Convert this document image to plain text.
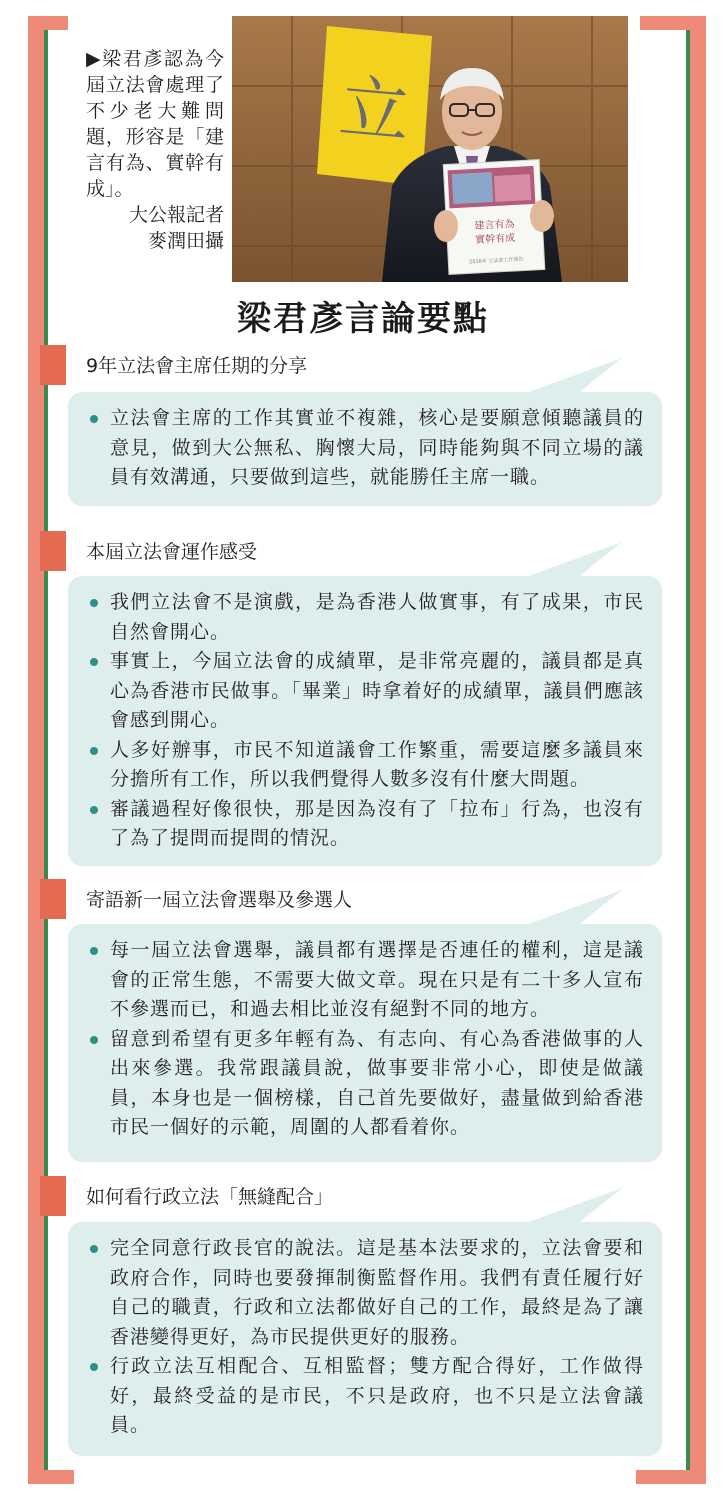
▶梁君彥認為今屆立法會處理了不少老大難問題，形容是「建言有為、實幹有成」。
大公報記者
麥潤田攝
立
建言有為
實幹有成
2016年 立法會工作報告
梁君彥言論要點
9年立法會主席任期的分享
立法會主席的工作其實並不複雜，核心是要願意傾聽議員的意見，做到大公無私、胸懷大局，同時能夠與不同立場的議員有效溝通，只要做到這些，就能勝任主席一職。
本屆立法會運作感受
我們立法會不是演戲，是為香港人做實事，有了成果，市民自然會開心。
事實上，今屆立法會的成績單，是非常亮麗的，議員都是真心為香港市民做事。「畢業」時拿着好的成績單，議員們應該會感到開心。
人多好辦事，市民不知道議會工作繁重，需要這麼多議員來分擔所有工作，所以我們覺得人數多沒有什麼大問題。
審議過程好像很快，那是因為沒有了「拉布」行為，也沒有了為了提問而提問的情況。
寄語新一屆立法會選舉及參選人
每一屆立法會選舉，議員都有選擇是否連任的權利，這是議會的正常生態，不需要大做文章。現在只是有二十多人宣布不參選而已，和過去相比並沒有絕對不同的地方。
留意到希望有更多年輕有為、有志向、有心為香港做事的人出來參選。我常跟議員說，做事要非常小心，即使是做議員，本身也是一個榜樣，自己首先要做好，盡量做到給香港市民一個好的示範，周圍的人都看着你。
如何看行政立法「無縫配合」
完全同意行政長官的說法。這是基本法要求的，立法會要和政府合作，同時也要發揮制衡監督作用。我們有責任履行好自己的職責，行政和立法都做好自己的工作，最終是為了讓香港變得更好，為市民提供更好的服務。
行政立法互相配合、互相監督；雙方配合得好，工作做得好，最終受益的是市民，不只是政府，也不只是立法會議員。
